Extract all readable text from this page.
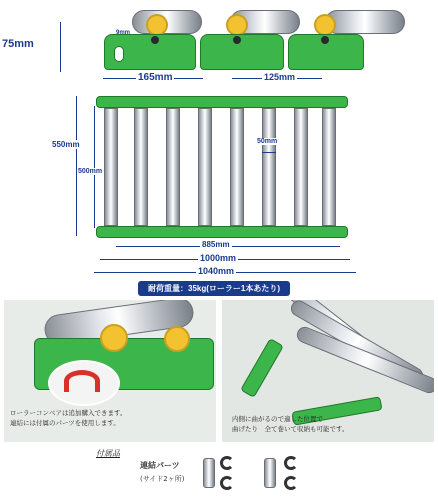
75mm
9mm
165mm	125mm
550mm
500mm
50mm
885mm
1000mm
1040mm
耐荷重量：35kg(ローラー1本あたり)
ローラーコンベアは追加購入できます。
連結には付属のパーツを使用します。	内側に曲がるので適した位置で
曲げたり　全て巻いて収納も可能です。
付属品
連結パーツ
(サイド2ヶ所)
